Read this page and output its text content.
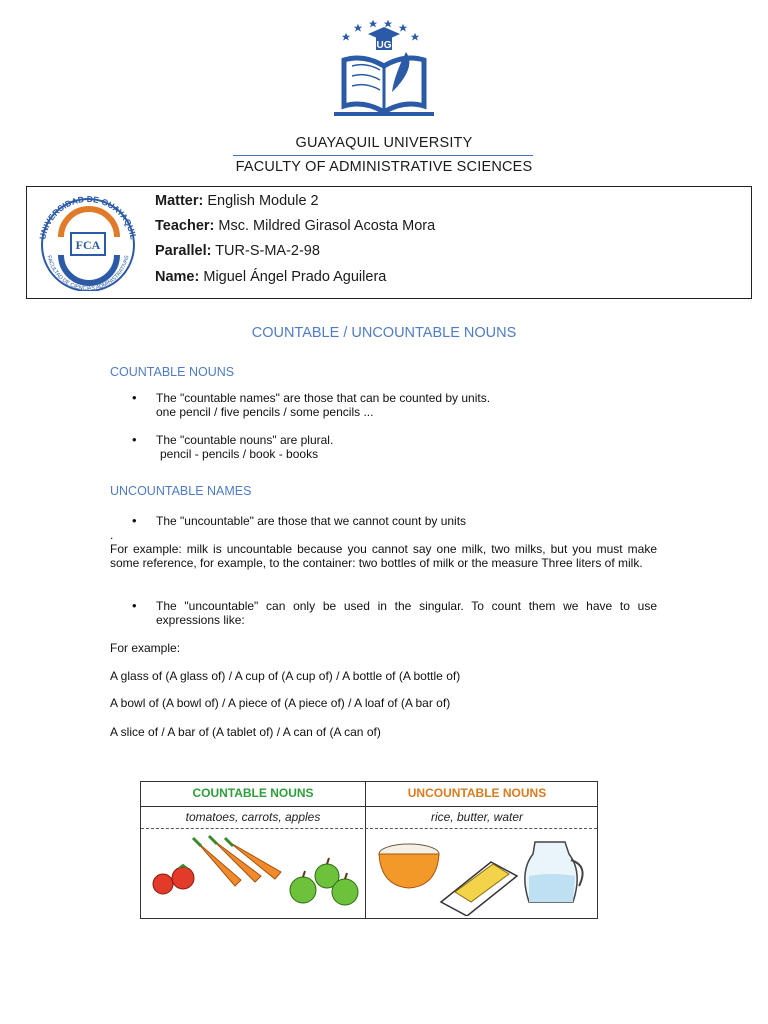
UG
GUAYAQUIL UNIVERSITY
FACULTY OF ADMINISTRATIVE SCIENCES
UNIVERSIDAD DE GUAYAQUIL
FACULTAD DE CIENCIAS ADMINISTRATIVAS
FCA
Matter: English Module 2
Teacher: Msc. Mildred Girasol Acosta Mora
Parallel: TUR-S-MA-2-98
Name: Miguel Ángel Prado Aguilera
COUNTABLE / UNCOUNTABLE NOUNS
COUNTABLE NOUNS
• The "countable names" are those that can be counted by units.
one pencil / five pencils / some pencils ...
• The "countable nouns" are plural.
pencil - pencils / book - books
UNCOUNTABLE NAMES
• The "uncountable" are those that we cannot count by units
.
For example: milk is uncountable because you cannot say one milk, two milks, but you must make some reference, for example, to the container: two bottles of milk or the measure Three liters of milk.
• The "uncountable" can only be used in the singular. To count them we have to use expressions like:
For example:
A glass of (A glass of) / A cup of (A cup of) / A bottle of (A bottle of)
A bowl of (A bowl of) / A piece of (A piece of) / A loaf of (A bar of)
A slice of / A bar of (A tablet of) / A can of (A can of)
COUNTABLE NOUNS	UNCOUNTABLE NOUNS
tomatoes, carrots, apples	rice, butter, water
